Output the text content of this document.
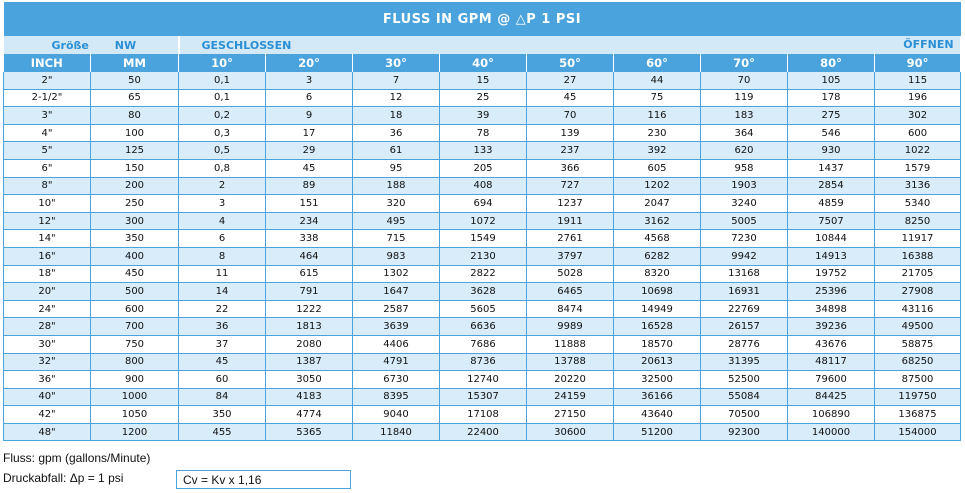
FLUSS IN GPM @ △P 1 PSI										
Größe NW		GESCHLOSSEN ÖFFNEN								

INCH	MM	10°	20°	30°	40°	50°	60°	70°	80°	90°
2"	50	0,1	3	7	15	27	44	70	105	115
2-1/2"	65	0,1	6	12	25	45	75	119	178	196
3"	80	0,2	9	18	39	70	116	183	275	302
4"	100	0,3	17	36	78	139	230	364	546	600
5"	125	0,5	29	61	133	237	392	620	930	1022
6"	150	0,8	45	95	205	366	605	958	1437	1579
8"	200	2	89	188	408	727	1202	1903	2854	3136
10"	250	3	151	320	694	1237	2047	3240	4859	5340
12"	300	4	234	495	1072	1911	3162	5005	7507	8250
14"	350	6	338	715	1549	2761	4568	7230	10844	11917
16"	400	8	464	983	2130	3797	6282	9942	14913	16388
18"	450	11	615	1302	2822	5028	8320	13168	19752	21705
20"	500	14	791	1647	3628	6465	10698	16931	25396	27908
24"	600	22	1222	2587	5605	8474	14949	22769	34898	43116
28"	700	36	1813	3639	6636	9989	16528	26157	39236	49500
30"	750	37	2080	4406	7686	11888	18570	28776	43676	58875
32"	800	45	1387	4791	8736	13788	20613	31395	48117	68250
36"	900	60	3050	6730	12740	20220	32500	52500	79600	87500
40"	1000	84	4183	8395	15307	24159	36166	55084	84425	119750
42"	1050	350	4774	9040	17108	27150	43640	70500	106890	136875
48"	1200	455	5365	11840	22400	30600	51200	92300	140000	154000
Fluss: gpm (gallons/Minute)
Druckabfall: Δp = 1 psi	Cv = Kv x 1,16
